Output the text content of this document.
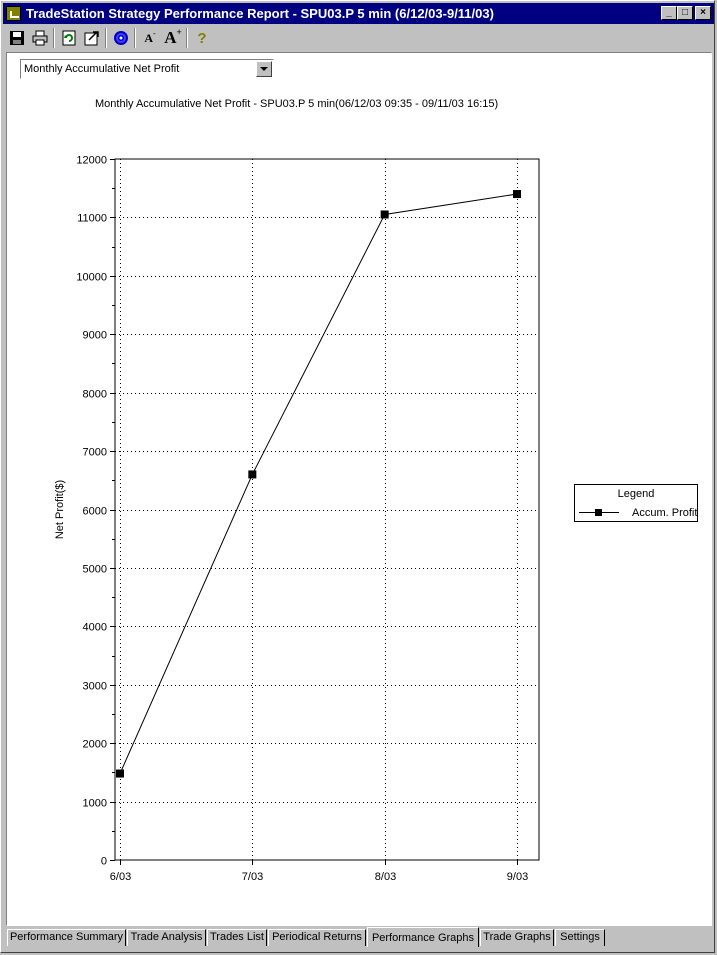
TradeStation Strategy Performance Report - SPU03.P 5 min (6/12/03-9/11/03)	_	□	×
A - A + ?
Monthly Accumulative Net Profit
Monthly Accumulative Net Profit - SPU03.P 5 min(06/12/03 09:35 - 09/11/03 16:15)
0
1000
2000
3000
4000
5000
6000
7000
8000
9000
10000
11000
12000
6/03	7/03	8/03	9/03
Net Profit($)	Legend
Accum. Profit
Performance Summary Trade Analysis Trades List Periodical Returns Performance Graphs Trade Graphs Settings
